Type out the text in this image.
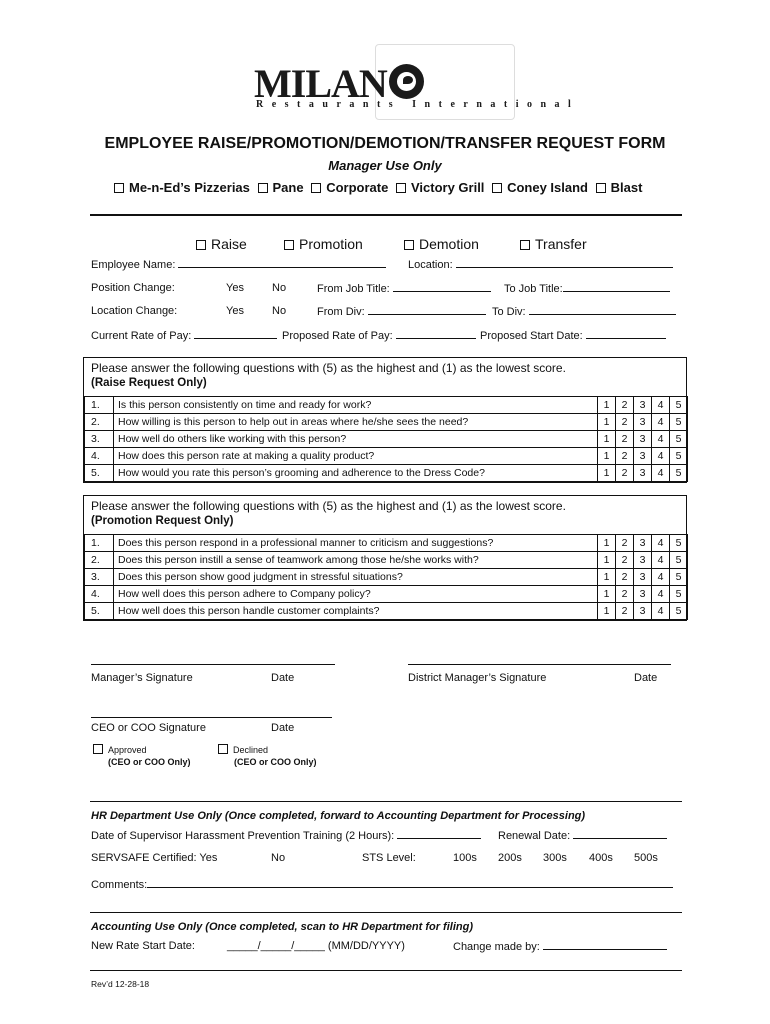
MILAN
Restaurants International
EMPLOYEE RAISE/PROMOTION/DEMOTION/TRANSFER REQUEST FORM
Manager Use Only
Me-n-Ed’s Pizzerias Pane Corporate Victory Grill Coney Island Blast
Raise	Promotion	Demotion	Transfer
Employee Name:	Location:
Position Change:	Yes	No	From Job Title:	To Job Title:
Location Change:	Yes	No	From Div:	To Div:
Current Rate of Pay:	Proposed Rate of Pay:	Proposed Start Date:
Please answer the following questions with (5) as the highest and (1) as the lowest score.
(Raise Request Only)
1.	Is this person consistently on time and ready for work?	1	2	3	4	5
2.	How willing is this person to help out in areas where he/she sees the need?	1	2	3	4	5
3.	How well do others like working with this person?	1	2	3	4	5
4.	How does this person rate at making a quality product?	1	2	3	4	5
5.	How would you rate this person’s grooming and adherence to the Dress Code?	1	2	3	4	5
Please answer the following questions with (5) as the highest and (1) as the lowest score.
(Promotion Request Only)
1.	Does this person respond in a professional manner to criticism and suggestions?	1	2	3	4	5
2.	Does this person instill a sense of teamwork among those he/she works with?	1	2	3	4	5
3.	Does this person show good judgment in stressful situations?	1	2	3	4	5
4.	How well does this person adhere to Company policy?	1	2	3	4	5
5.	How well does this person handle customer complaints?	1	2	3	4	5
Manager’s Signature	Date	District Manager’s Signature	Date
CEO or COO Signature	Date
Approved
(CEO or COO Only)
Declined
(CEO or COO Only)
HR Department Use Only (Once completed, forward to Accounting Department for Processing)
Date of Supervisor Harassment Prevention Training (2 Hours):	Renewal Date:
SERVSAFE Certified: Yes	No	STS Level:	100s 200s 300s 400s 500s
Comments:
Accounting Use Only (Once completed, scan to HR Department for filing)
New Rate Start Date:	_____/_____/_____ (MM/DD/YYYY)	Change made by:
Rev’d 12-28-18
